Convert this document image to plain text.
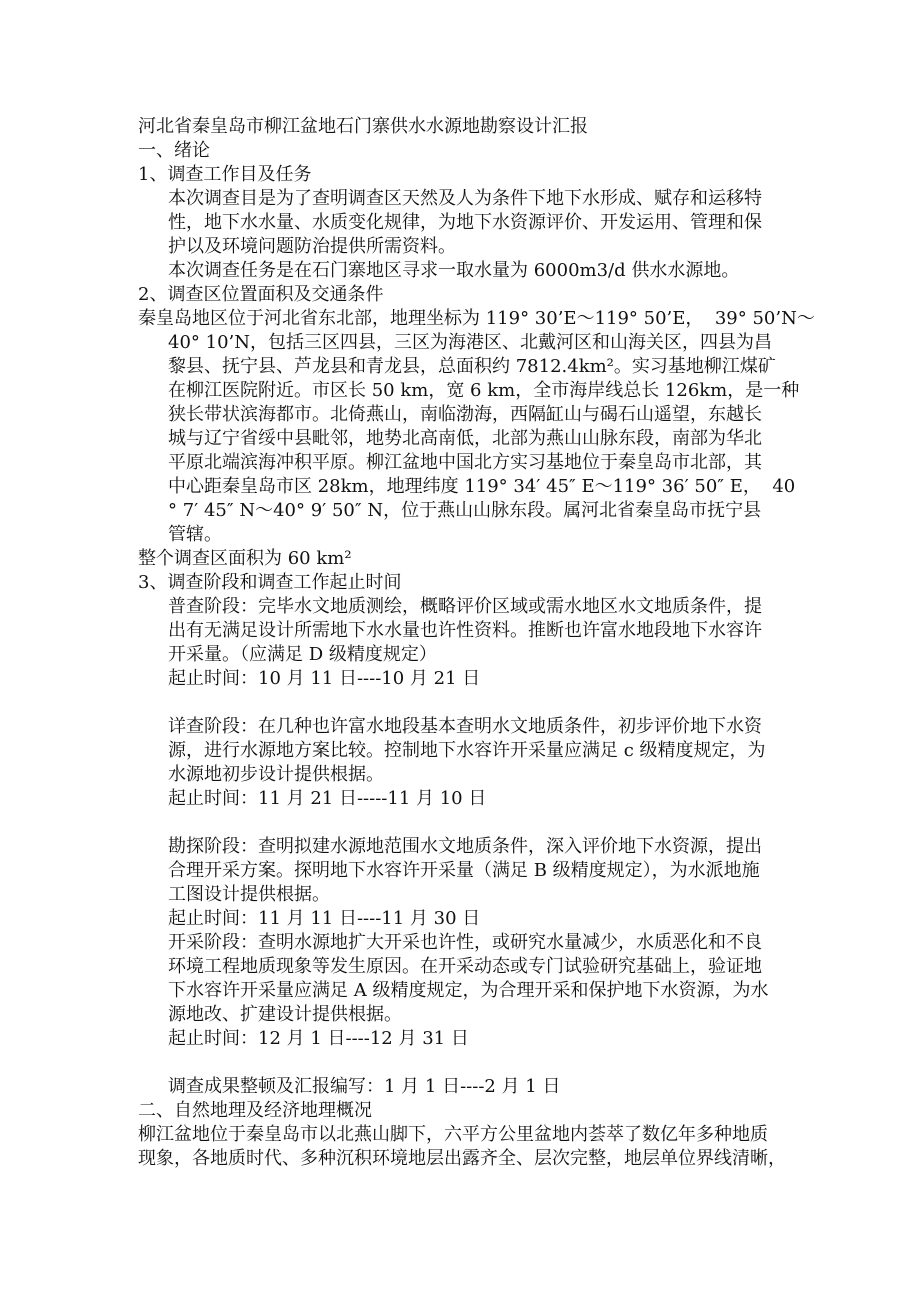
河北省秦皇岛市柳江盆地石门寨供水水源地勘察设计汇报
一、绪论
1、调查工作目及任务
本次调查目是为了查明调查区天然及人为条件下地下水形成、赋存和运移特
性，地下水水量、水质变化规律，为地下水资源评价、开发运用、管理和保
护以及环境问题防治提供所需资料。
本次调查任务是在石门寨地区寻求一取水量为 6000m3/d 供水水源地。
2、调查区位置面积及交通条件
秦皇岛地区位于河北省东北部，地理坐标为 119° 30’E～119° 50’E，  39° 50’N～
40° 10’N，包括三区四县，三区为海港区、北戴河区和山海关区，四县为昌
黎县、抚宁县、芦龙县和青龙县，总面积约 7812.4km²。实习基地柳江煤矿
在柳江医院附近。市区长 50 km，宽 6 km，全市海岸线总长 126km，是一种
狭长带状滨海都市。北倚燕山，南临渤海，西隔缸山与碣石山遥望，东越长
城与辽宁省绥中县毗邻，地势北高南低，北部为燕山山脉东段，南部为华北
平原北端滨海冲积平原。柳江盆地中国北方实习基地位于秦皇岛市北部，其
中心距秦皇岛市区 28km，地理纬度 119° 34′ 45″ E～119° 36′ 50″ E，  40
° 7′ 45″ N～40° 9′ 50″ N，位于燕山山脉东段。属河北省秦皇岛市抚宁县
管辖。
整个调查区面积为 60 km²
3、调查阶段和调查工作起止时间
普查阶段：完毕水文地质测绘，概略评价区域或需水地区水文地质条件，提
出有无满足设计所需地下水水量也许性资料。推断也许富水地段地下水容许
开采量。（应满足 D 级精度规定）
起止时间：10 月 11 日----10 月 21 日
详查阶段：在几种也许富水地段基本查明水文地质条件，初步评价地下水资
源，进行水源地方案比较。控制地下水容许开采量应满足 c 级精度规定，为
水源地初步设计提供根据。
起止时间：11 月 21 日-----11 月 10 日
勘探阶段：查明拟建水源地范围水文地质条件，深入评价地下水资源，提出
合理开采方案。探明地下水容许开采量（满足 B 级精度规定），为水派地施
工图设计提供根据。
起止时间：11 月 11 日----11 月 30 日
开采阶段：查明水源地扩大开采也许性，或研究水量减少，水质恶化和不良
环境工程地质现象等发生原因。在开采动态或专门试验研究基础上，验证地
下水容许开采量应满足 A 级精度规定，为合理开采和保护地下水资源，为水
源地改、扩建设计提供根据。
起止时间：12 月 1 日----12 月 31 日
调查成果整顿及汇报编写：1 月 1 日----2 月 1 日
二、自然地理及经济地理概况
柳江盆地位于秦皇岛市以北燕山脚下，六平方公里盆地内荟萃了数亿年多种地质
现象，各地质时代、多种沉积环境地层出露齐全、层次完整，地层单位界线清晰，
